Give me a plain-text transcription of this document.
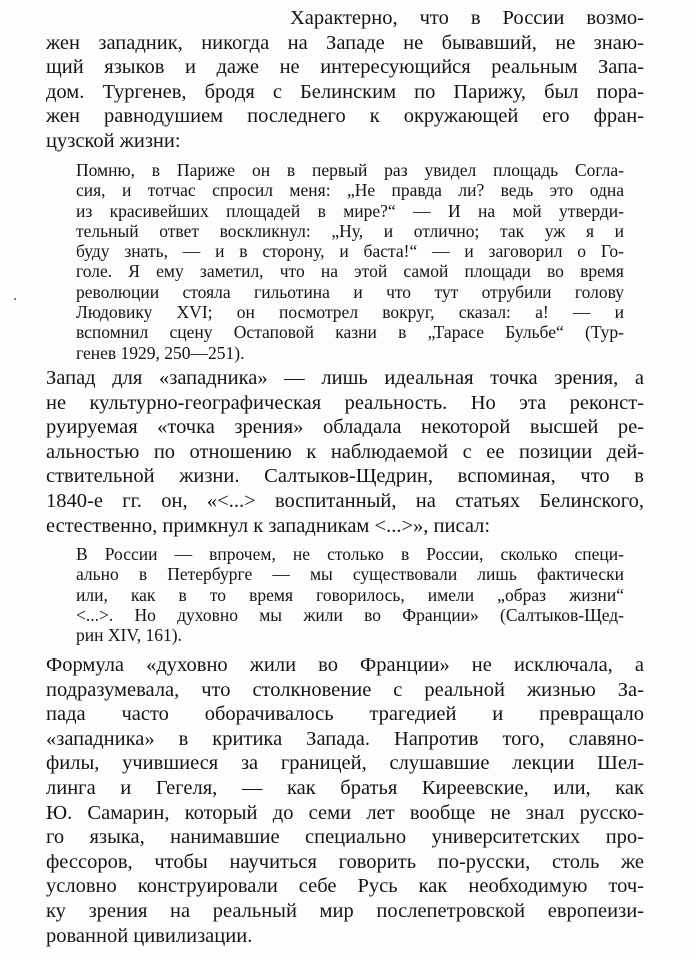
Характерно, что в России возмо-
жен западник, никогда на Западе не бывавший, не знаю-
щий языков и даже не интересующийся реальным Запа-
дом. Тургенев, бродя с Белинским по Парижу, был пора-
жен равнодушием последнего к окружающей его фран-
цузской жизни:
Помню, в Париже он в первый раз увидел площадь Согла-
сия, и тотчас спросил меня: „Не правда ли? ведь это одна
из красивейших площадей в мире?“ — И на мой утверди-
тельный ответ воскликнул: „Ну, и отлично; так уж я и
буду знать, — и в сторону, и баста!“ — и заговорил о Го-
голе. Я ему заметил, что на этой самой площади во время
революции стояла гильотина и что тут отрубили голову
Людовику XVI; он посмотрел вокруг, сказал: а! — и
вспомнил сцену Остаповой казни в „Тарасе Бульбе“ (Тур-
генев 1929, 250—251).
Запад для «западника» — лишь идеальная точка зрения, а
не культурно-географическая реальность. Но эта реконст-
руируемая «точка зрения» обладала некоторой высшей ре-
альностью по отношению к наблюдаемой с ее позиции дей-
ствительной жизни. Салтыков-Щедрин, вспоминая, что в
1840-е гг. он, «<...> воспитанный, на статьях Белинского,
естественно, примкнул к западникам <...>», писал:
В России — впрочем, не столько в России, сколько специ-
ально в Петербурге — мы существовали лишь фактически
или, как в то время говорилось, имели „образ жизни“
<...>. Но духовно мы жили во Франции» (Салтыков-Щед-
рин XIV, 161).
Формула «духовно жили во Франции» не исключала, а
подразумевала, что столкновение с реальной жизнью За-
пада часто оборачивалось трагедией и превращало
«западника» в критика Запада. Напротив того, славяно-
филы, учившиеся за границей, слушавшие лекции Шел-
линга и Гегеля, — как братья Киреевские, или, как
Ю. Самарин, который до семи лет вообще не знал русско-
го языка, нанимавшие специально университетских про-
фессоров, чтобы научиться говорить по-русски, столь же
условно конструировали себе Русь как необходимую точ-
ку зрения на реальный мир послепетровской европеизи-
рованной цивилизации.
